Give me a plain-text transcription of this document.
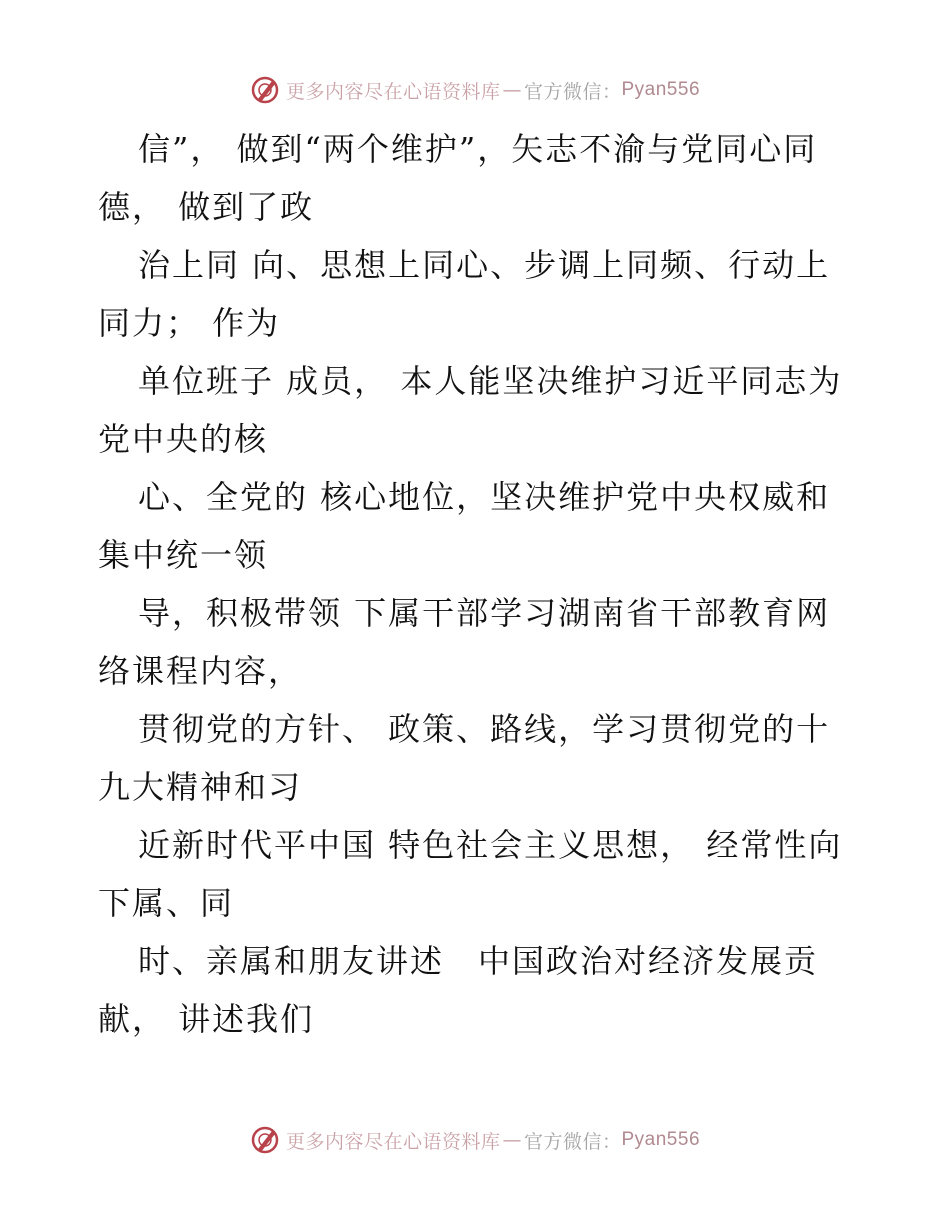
更多内容尽在心语资料库 — 官方微信： Pyan556

信”， 做到“两个维护”，矢志不渝与党同心同德， 做到了政

治上同 向、思想上同心、步调上同频、行动上同力； 作为

单位班子 成员， 本人能坚决维护习近平同志为党中央的核

心、全党的 核心地位，坚决维护党中央权威和集中统一领

导，积极带领 下属干部学习湖南省干部教育网络课程内容，

贯彻党的方针、 政策、路线，学习贯彻党的十九大精神和习

近新时代平中国 特色社会主义思想， 经常性向下属、同

时、亲属和朋友讲述　中国政治对经济发展贡献， 讲述我们

更多内容尽在心语资料库 — 官方微信： Pyan556
